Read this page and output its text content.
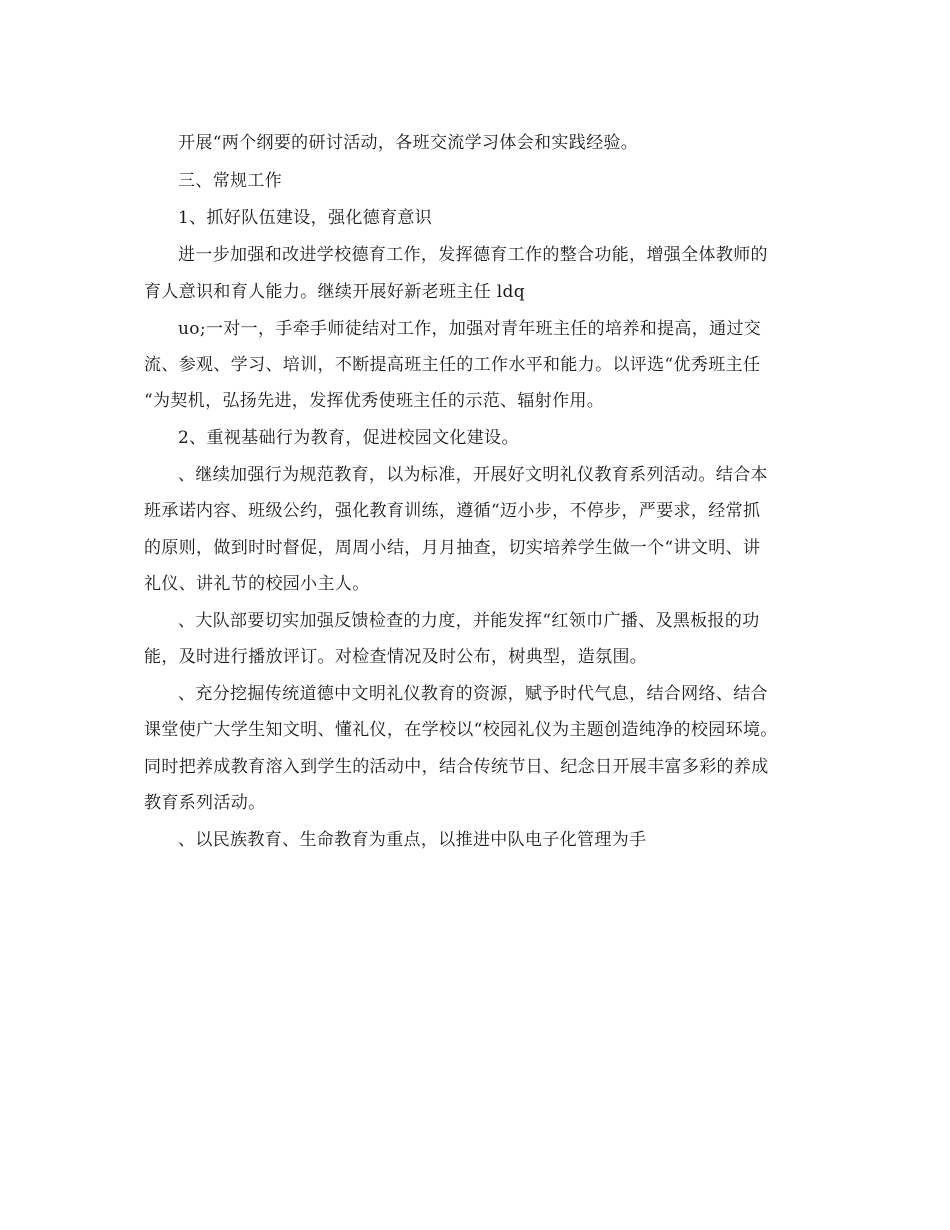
开展“两个纲要的研讨活动，各班交流学习体会和实践经验。
三、常规工作
1、抓好队伍建设，强化德育意识
进一步加强和改进学校德育工作，发挥德育工作的整合功能，增强全体教师的
育人意识和育人能力。继续开展好新老班主任 ldq
uo;一对一，手牵手师徒结对工作，加强对青年班主任的培养和提高，通过交
流、参观、学习、培训，不断提高班主任的工作水平和能力。以评选“优秀班主任
“为契机，弘扬先进，发挥优秀使班主任的示范、辐射作用。
2、重视基础行为教育，促进校园文化建设。
、继续加强行为规范教育，以为标准，开展好文明礼仪教育系列活动。结合本
班承诺内容、班级公约，强化教育训练，遵循“迈小步，不停步，严要求，经常抓
的原则，做到时时督促，周周小结，月月抽查，切实培养学生做一个“讲文明、讲
礼仪、讲礼节的校园小主人。
、大队部要切实加强反馈检查的力度，并能发挥“红领巾广播、及黑板报的功
能，及时进行播放评订。对检查情况及时公布，树典型，造氛围。
、充分挖掘传统道德中文明礼仪教育的资源，赋予时代气息，结合网络、结合
课堂使广大学生知文明、懂礼仪，在学校以“校园礼仪为主题创造纯净的校园环境。
同时把养成教育溶入到学生的活动中，结合传统节日、纪念日开展丰富多彩的养成
教育系列活动。
、以民族教育、生命教育为重点，以推进中队电子化管理为手
